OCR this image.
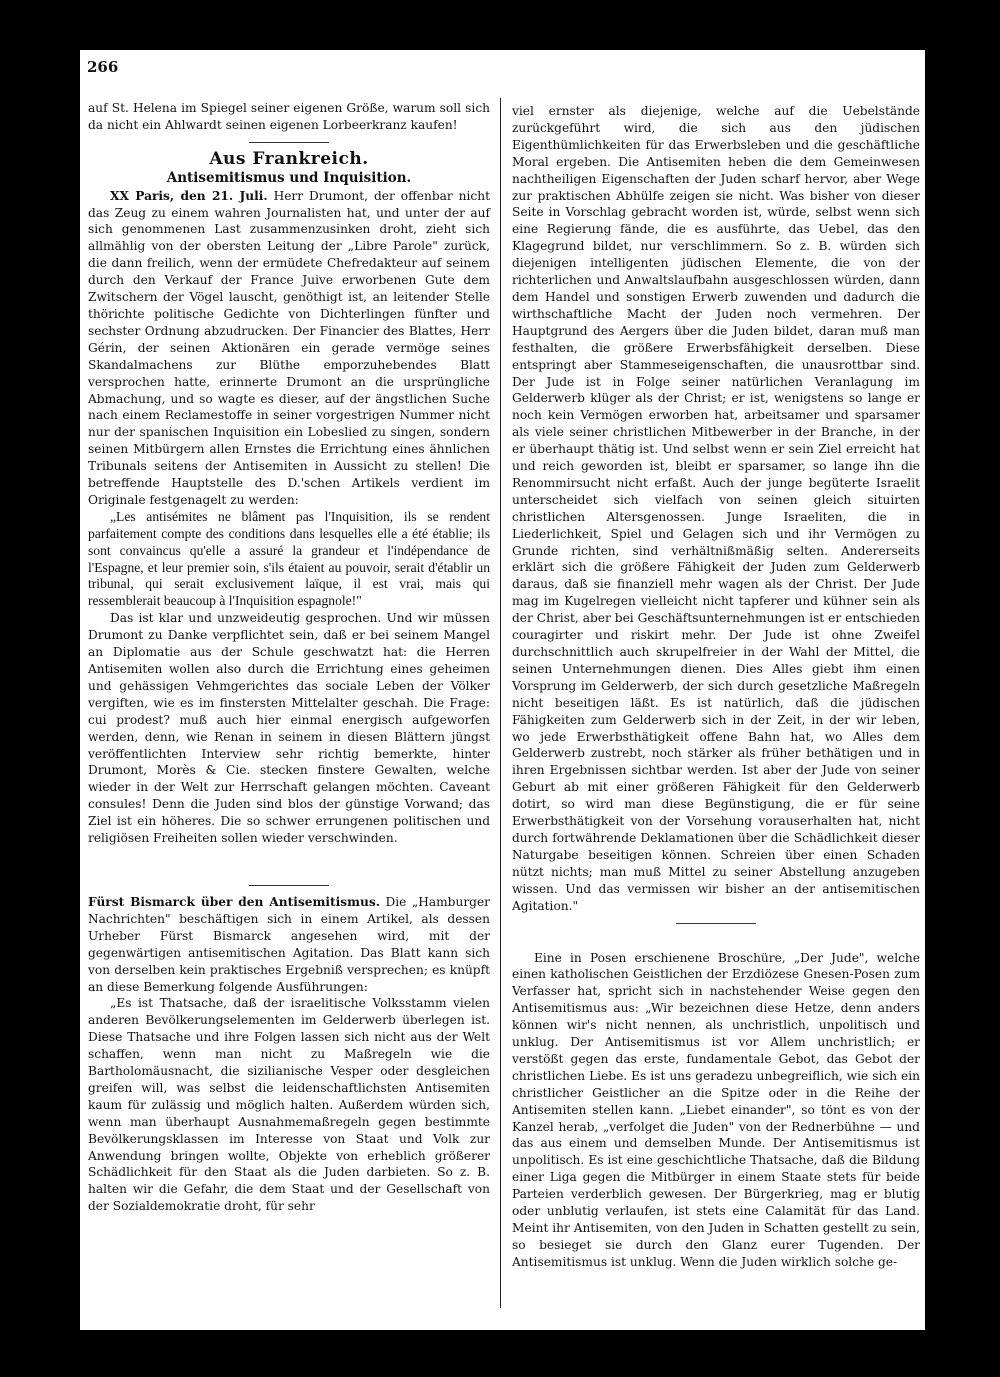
266

auf St. Helena im Spiegel seiner eigenen Größe, warum soll sich da nicht ein Ahlwardt seinen eigenen Lorbeerkranz kaufen!

Aus Frankreich.

Antisemitismus und Inquisition.

XX Paris, den 21. Juli. Herr Drumont, der offenbar nicht das Zeug zu einem wahren Journalisten hat, und unter der auf sich genommenen Last zusammenzusinken droht, zieht sich allmählig von der obersten Leitung der „Libre Parole" zurück, die dann freilich, wenn der ermüdete Chefredakteur auf seinem durch den Verkauf der France Juive erworbenen Gute dem Zwitschern der Vögel lauscht, genöthigt ist, an leitender Stelle thörichte politische Gedichte von Dichterlingen fünfter und sechster Ordnung abzudrucken. Der Financier des Blattes, Herr Gérin, der seinen Aktionären ein gerade vermöge seines Skandalmachens zur Blüthe emporzuhebendes Blatt versprochen hatte, erinnerte Drumont an die ursprüngliche Abmachung, und so wagte es dieser, auf der ängstlichen Suche nach einem Reclamestoffe in seiner vorgestrigen Nummer nicht nur der spanischen Inquisition ein Lobeslied zu singen, sondern seinen Mitbürgern allen Ernstes die Errichtung eines ähnlichen Tribunals seitens der Antisemiten in Aussicht zu stellen! Die betreffende Hauptstelle des D.'schen Artikels verdient im Originale festgenagelt zu werden:

„Les antisémites ne blâment pas l'Inquisition, ils se rendent parfaitement compte des conditions dans lesquelles elle a été établie; ils sont convaincus qu'elle a assuré la grandeur et l'indépendance de l'Espagne, et leur premier soin, s'ils étaient au pouvoir, serait d'établir un tribunal, qui serait exclusivement laïque, il est vrai, mais qui ressemblerait beaucoup à l'Inquisition espagnole!"

Das ist klar und unzweideutig gesprochen. Und wir müssen Drumont zu Danke verpflichtet sein, daß er bei seinem Mangel an Diplomatie aus der Schule geschwatzt hat: die Herren Antisemiten wollen also durch die Errichtung eines geheimen und gehässigen Vehmgerichtes das sociale Leben der Völker vergiften, wie es im finstersten Mittelalter geschah. Die Frage: cui prodest? muß auch hier einmal energisch aufgeworfen werden, denn, wie Renan in seinem in diesen Blättern jüngst veröffentlichten Interview sehr richtig bemerkte, hinter Drumont, Morès & Cie. stecken finstere Gewalten, welche wieder in der Welt zur Herrschaft gelangen möchten. Caveant consules! Denn die Juden sind blos der günstige Vorwand; das Ziel ist ein höheres. Die so schwer errungenen politischen und religiösen Freiheiten sollen wieder verschwinden.

Fürst Bismarck über den Antisemitismus. Die „Hamburger Nachrichten" beschäftigen sich in einem Artikel, als dessen Urheber Fürst Bismarck angesehen wird, mit der gegenwärtigen antisemitischen Agitation. Das Blatt kann sich von derselben kein praktisches Ergebniß versprechen; es knüpft an diese Bemerkung folgende Ausführungen:

„Es ist Thatsache, daß der israelitische Volksstamm vielen anderen Bevölkerungselementen im Gelderwerb überlegen ist. Diese Thatsache und ihre Folgen lassen sich nicht aus der Welt schaffen, wenn man nicht zu Maßregeln wie die Bartholomäusnacht, die sizilianische Vesper oder desgleichen greifen will, was selbst die leidenschaftlichsten Antisemiten kaum für zulässig und möglich halten. Außerdem würden sich, wenn man überhaupt Ausnahmemaßregeln gegen bestimmte Bevölkerungsklassen im Interesse von Staat und Volk zur Anwendung bringen wollte, Objekte von erheblich größerer Schädlichkeit für den Staat als die Juden darbieten. So z. B. halten wir die Gefahr, die dem Staat und der Gesellschaft von der Sozialdemokratie droht, für sehr

viel ernster als diejenige, welche auf die Uebelstände zurückgeführt wird, die sich aus den jüdischen Eigenthümlichkeiten für das Erwerbsleben und die geschäftliche Moral ergeben. Die Antisemiten heben die dem Gemeinwesen nachtheiligen Eigenschaften der Juden scharf hervor, aber Wege zur praktischen Abhülfe zeigen sie nicht. Was bisher von dieser Seite in Vorschlag gebracht worden ist, würde, selbst wenn sich eine Regierung fände, die es ausführte, das Uebel, das den Klagegrund bildet, nur verschlimmern. So z. B. würden sich diejenigen intelligenten jüdischen Elemente, die von der richterlichen und Anwaltslaufbahn ausgeschlossen würden, dann dem Handel und sonstigen Erwerb zuwenden und dadurch die wirthschaftliche Macht der Juden noch vermehren. Der Hauptgrund des Aergers über die Juden bildet, daran muß man festhalten, die größere Erwerbsfähigkeit derselben. Diese entspringt aber Stammeseigenschaften, die unausrottbar sind. Der Jude ist in Folge seiner natürlichen Veranlagung im Gelderwerb klüger als der Christ; er ist, wenigstens so lange er noch kein Vermögen erworben hat, arbeitsamer und sparsamer als viele seiner christlichen Mitbewerber in der Branche, in der er überhaupt thätig ist. Und selbst wenn er sein Ziel erreicht hat und reich geworden ist, bleibt er sparsamer, so lange ihn die Renommirsucht nicht erfaßt. Auch der junge begüterte Israelit unterscheidet sich vielfach von seinen gleich situirten christlichen Altersgenossen. Junge Israeliten, die in Liederlichkeit, Spiel und Gelagen sich und ihr Vermögen zu Grunde richten, sind verhältnißmäßig selten. Andererseits erklärt sich die größere Fähigkeit der Juden zum Gelderwerb daraus, daß sie finanziell mehr wagen als der Christ. Der Jude mag im Kugelregen vielleicht nicht tapferer und kühner sein als der Christ, aber bei Geschäftsunternehmungen ist er entschieden couragirter und riskirt mehr. Der Jude ist ohne Zweifel durchschnittlich auch skrupelfreier in der Wahl der Mittel, die seinen Unternehmungen dienen. Dies Alles giebt ihm einen Vorsprung im Gelderwerb, der sich durch gesetzliche Maßregeln nicht beseitigen läßt. Es ist natürlich, daß die jüdischen Fähigkeiten zum Gelderwerb sich in der Zeit, in der wir leben, wo jede Erwerbsthätigkeit offene Bahn hat, wo Alles dem Gelderwerb zustrebt, noch stärker als früher bethätigen und in ihren Ergebnissen sichtbar werden. Ist aber der Jude von seiner Geburt ab mit einer größeren Fähigkeit für den Gelderwerb dotirt, so wird man diese Begünstigung, die er für seine Erwerbsthätigkeit von der Vorsehung vorauserhalten hat, nicht durch fortwährende Deklamationen über die Schädlichkeit dieser Naturgabe beseitigen können. Schreien über einen Schaden nützt nichts; man muß Mittel zu seiner Abstellung anzugeben wissen. Und das vermissen wir bisher an der antisemitischen Agitation."

Eine in Posen erschienene Broschüre, „Der Jude", welche einen katholischen Geistlichen der Erzdiözese Gnesen-Posen zum Verfasser hat, spricht sich in nachstehender Weise gegen den Antisemitismus aus: „Wir bezeichnen diese Hetze, denn anders können wir's nicht nennen, als unchristlich, unpolitisch und unklug. Der Antisemitismus ist vor Allem unchristlich; er verstößt gegen das erste, fundamentale Gebot, das Gebot der christlichen Liebe. Es ist uns geradezu unbegreiflich, wie sich ein christlicher Geistlicher an die Spitze oder in die Reihe der Antisemiten stellen kann. „Liebet einander", so tönt es von der Kanzel herab, „verfolget die Juden" von der Rednerbühne — und das aus einem und demselben Munde. Der Antisemitismus ist unpolitisch. Es ist eine geschichtliche Thatsache, daß die Bildung einer Liga gegen die Mitbürger in einem Staate stets für beide Parteien verderblich gewesen. Der Bürgerkrieg, mag er blutig oder unblutig verlaufen, ist stets eine Calamität für das Land. Meint ihr Antisemiten, von den Juden in Schatten gestellt zu sein, so besieget sie durch den Glanz eurer Tugenden. Der Antisemitismus ist unklug. Wenn die Juden wirklich solche ge-
